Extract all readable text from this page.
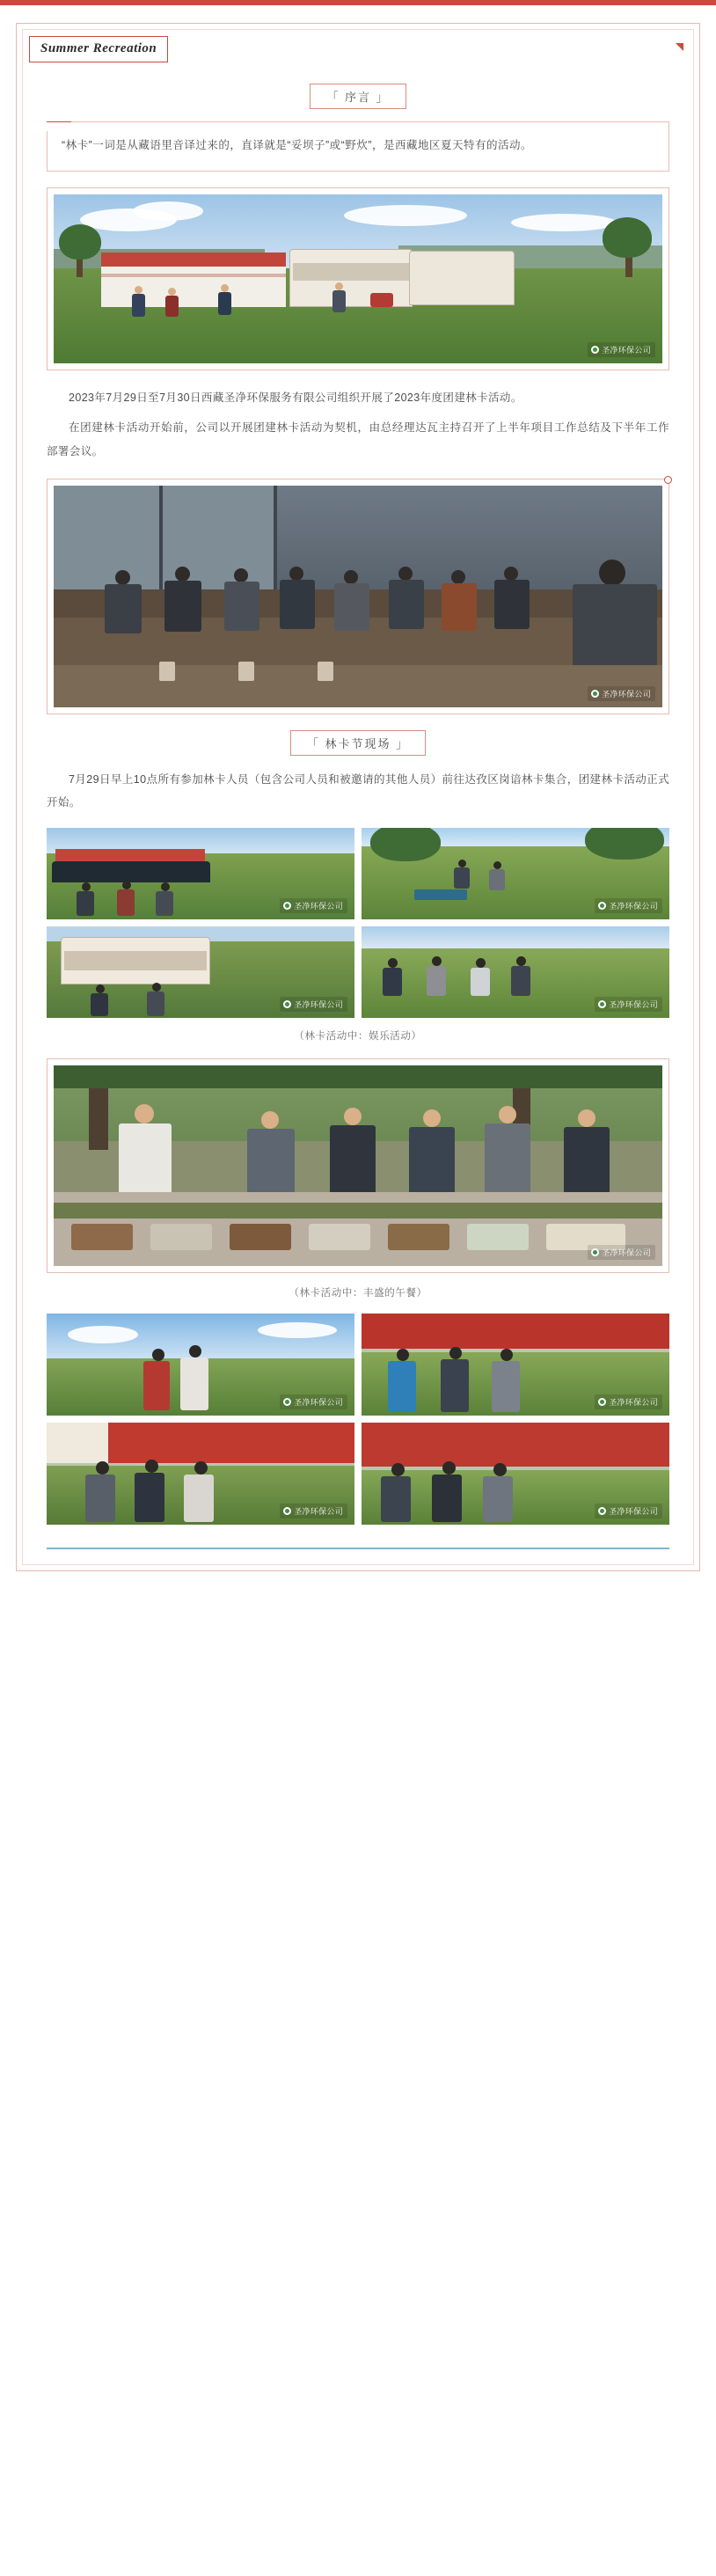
Summer Recreation
「 序言 」
“林卡”一词是从藏语里音译过来的，直译就是“妥坝子”或“野炊”，是西藏地区夏天特有的活动。
圣净环保公司
2023年7月29日至7月30日西藏圣净环保服务有限公司组织开展了2023年度团建林卡活动。
在团建林卡活动开始前，公司以开展团建林卡活动为契机，由总经理达瓦主持召开了上半年项目工作总结及下半年工作部署会议。
圣净环保公司
「 林卡节现场 」
7月29日早上10点所有参加林卡人员（包含公司人员和被邀请的其他人员）前往达孜区岗谙林卡集合，团建林卡活动正式开始。
圣净环保公司	圣净环保公司
圣净环保公司	圣净环保公司
（林卡活动中：娱乐活动）
圣净环保公司
（林卡活动中：丰盛的午餐）
圣净环保公司	圣净环保公司
圣净环保公司	圣净环保公司
